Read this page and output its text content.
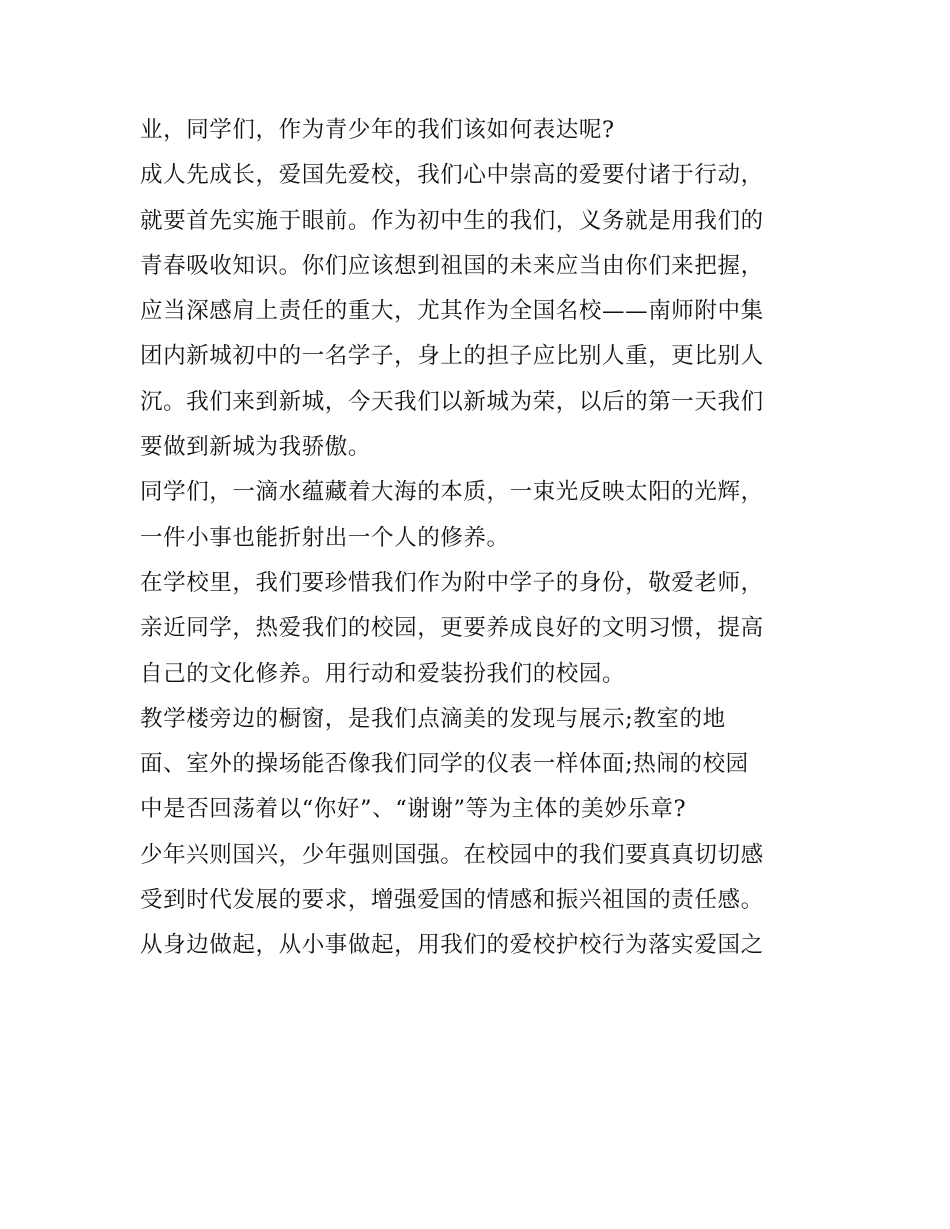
业，同学们，作为青少年的我们该如何表达呢?
成人先成长，爱国先爱校，我们心中崇高的爱要付诸于行动，
就要首先实施于眼前。作为初中生的我们，义务就是用我们的
青春吸收知识。你们应该想到祖国的未来应当由你们来把握，
应当深感肩上责任的重大，尤其作为全国名校——南师附中集
团内新城初中的一名学子，身上的担子应比别人重，更比别人
沉。我们来到新城，今天我们以新城为荣，以后的第一天我们
要做到新城为我骄傲。
同学们，一滴水蕴藏着大海的本质，一束光反映太阳的光辉，
一件小事也能折射出一个人的修养。
在学校里，我们要珍惜我们作为附中学子的身份，敬爱老师，
亲近同学，热爱我们的校园，更要养成良好的文明习惯，提高
自己的文化修养。用行动和爱装扮我们的校园。
教学楼旁边的橱窗，是我们点滴美的发现与展示;教室的地
面、室外的操场能否像我们同学的仪表一样体面;热闹的校园
中是否回荡着以“你好”、“谢谢”等为主体的美妙乐章?
少年兴则国兴，少年强则国强。在校园中的我们要真真切切感
受到时代发展的要求，增强爱国的情感和振兴祖国的责任感。
从身边做起，从小事做起，用我们的爱校护校行为落实爱国之
